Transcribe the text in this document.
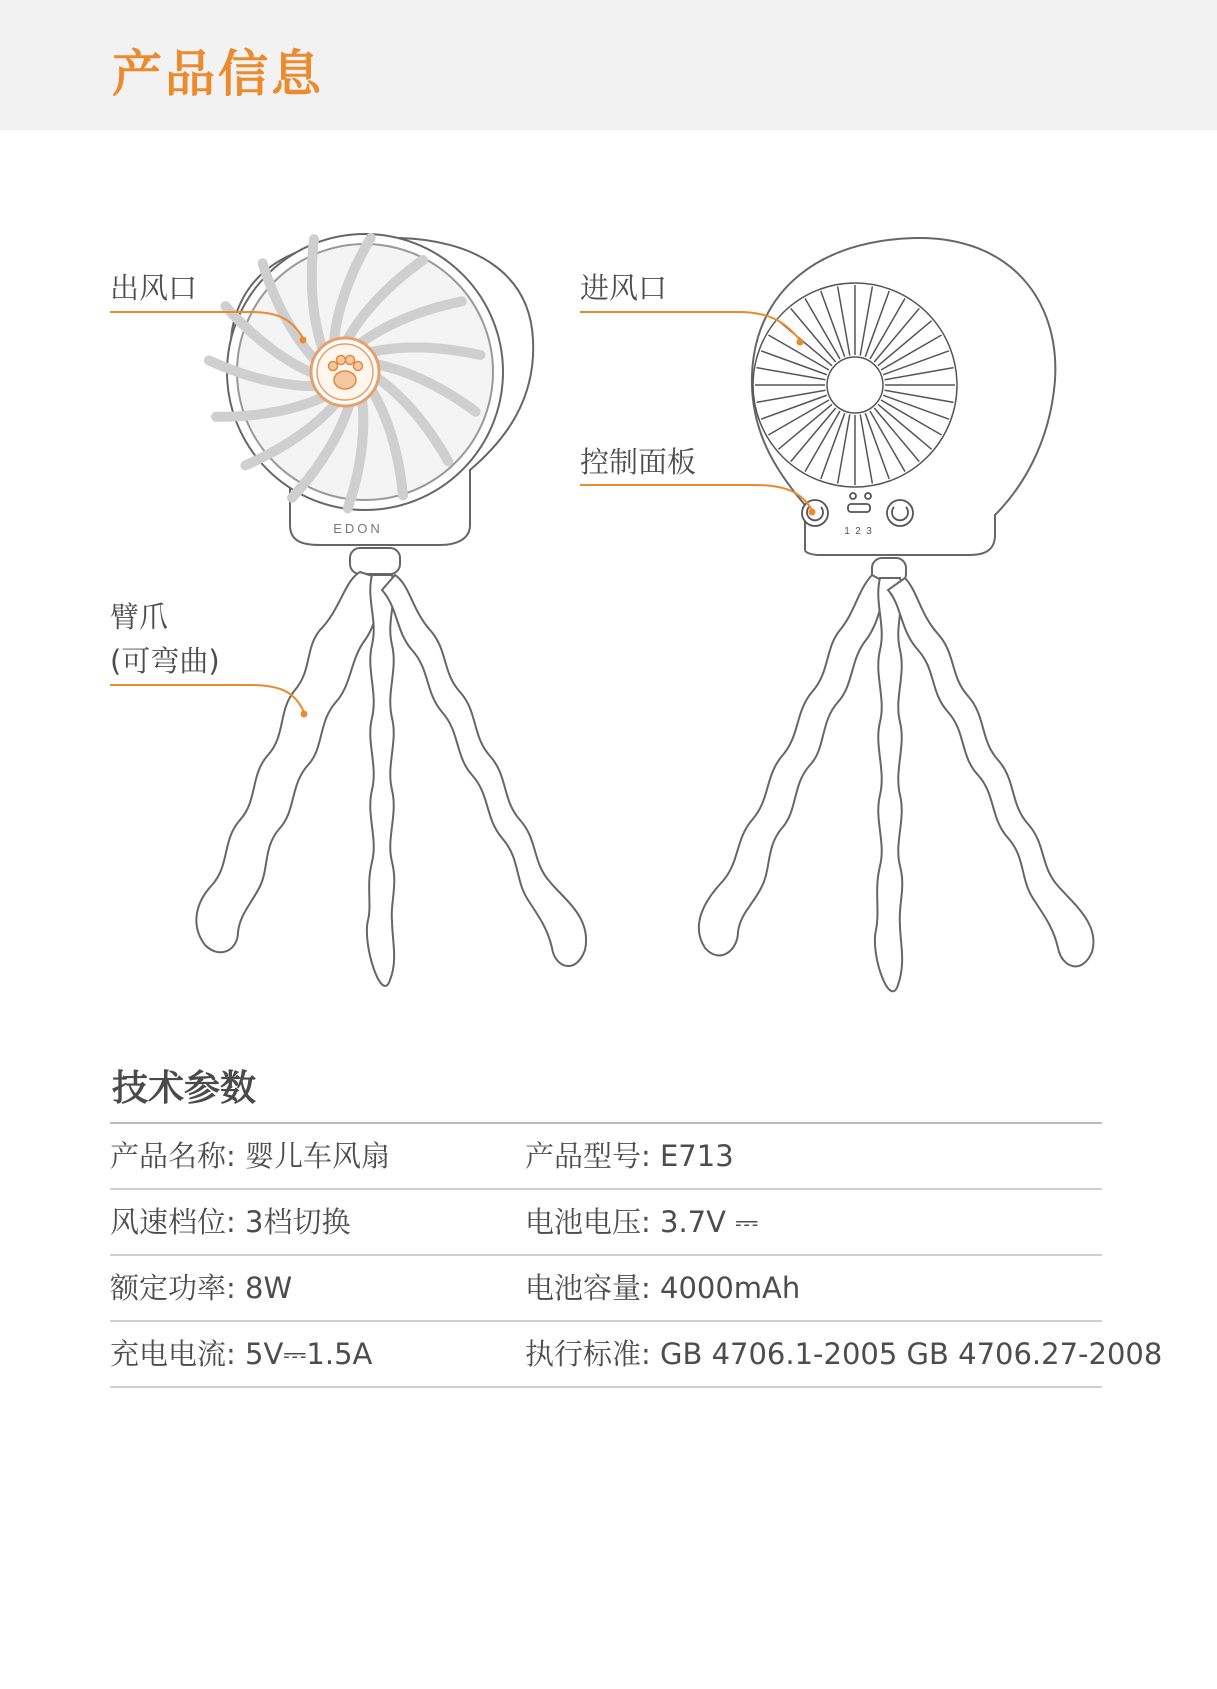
产品信息
EDON	1 2 3
出风口	进风口
控制面板
臂爪
(可弯曲)
技术参数
产品名称: 婴儿车风扇	产品型号: E713
风速档位: 3档切换	电池电压: 3.7V ⎓
额定功率: 8W	电池容量: 4000mAh
充电电流: 5V⎓1.5A	执行标准: GB 4706.1-2005 GB 4706.27-2008
